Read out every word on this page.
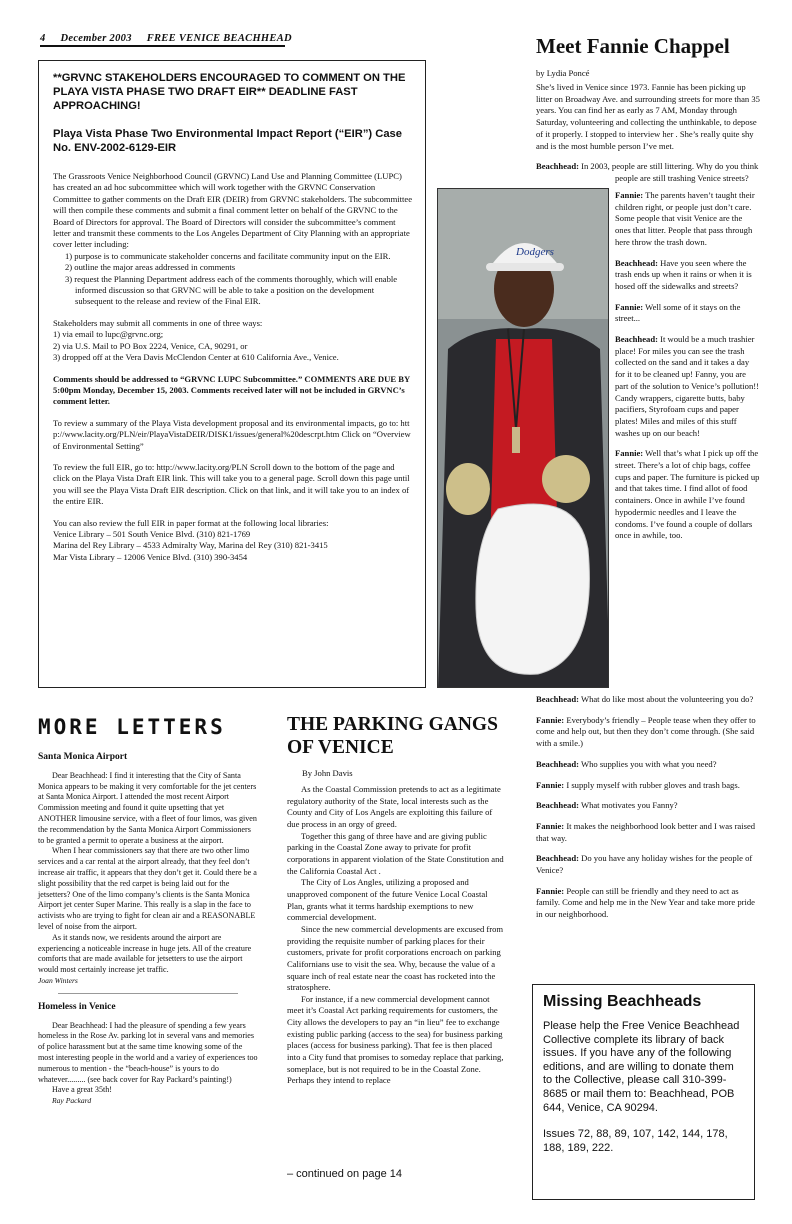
4 December 2003 FREE VENICE BEACHHEAD

**GRVNC STAKEHOLDERS ENCOURAGED TO COMMENT ON THE PLAYA VISTA PHASE TWO DRAFT EIR** DEADLINE FAST APPROACHING!

Playa Vista Phase Two Environmental Impact Report (“EIR”) Case No. ENV-2002-6129-EIR

The Grassroots Venice Neighborhood Council (GRVNC) Land Use and Planning Committee (LUPC) has created an ad hoc subcommittee which will work together with the GRVNC Conservation Committee to gather comments on the Draft EIR (DEIR) from GRVNC stakeholders. The subcommittee will then compile these comments and submit a final comment letter on behalf of the GRVNC to the Board of Directors for approval. The Board of Directors will consider the subcommittee’s comment letter and transmit these comments to the Los Angeles Department of City Planning with an appropriate cover letter including:

1) purpose is to communicate stakeholder concerns and facilitate community input on the EIR.
2) outline the major areas addressed in comments
3) request the Planning Department address each of the comments thoroughly, which will enable informed discussion so that GRVNC will be able to take a position on the development subsequent to the release and review of the Final EIR.
Stakeholders may submit all comments in one of three ways:
1) via email to lupc@grvnc.org;
2) via U.S. Mail to PO Box 2224, Venice, CA, 90291, or
3) dropped off at the Vera Davis McClendon Center at 610 California Ave., Venice.

Comments should be addressed to “GRVNC LUPC Subcommittee.” COMMENTS ARE DUE BY 5:00pm Monday, December 15, 2003. Comments received later will not be included in GRVNC’s comment letter.

To review a summary of the Playa Vista development proposal and its environmental impacts, go to: http://www.lacity.org/PLN/eir/PlayaVistaDEIR/DISK1/issues/general%20descrpt.htm Click on “Overview of Environmental Setting”

To review the full EIR, go to: http://www.lacity.org/PLN Scroll down to the bottom of the page and click on the Playa Vista Draft EIR link. This will take you to a general page. Scroll down this page until you will see the Playa Vista Draft EIR description. Click on that link, and it will take you to an index of the entire EIR.

You can also review the full EIR in paper format at the following local libraries:
Venice Library – 501 South Venice Blvd. (310) 821-1769
Marina del Rey Library – 4533 Admiralty Way, Marina del Rey (310) 821-3415
Mar Vista Library – 12006 Venice Blvd. (310) 390-3454
Meet Fannie Chappel
by Lydia Poncé

She’s lived in Venice since 1973. Fannie has been picking up litter on Broadway Ave. and surrounding streets for more than 35 years. You can find her as early as 7 AM, Monday through Saturday, volunteering and collecting the unthinkable, to depose of it properly. I stopped to interview her . She’s really quite shy and is the most humble person I’ve met.

Beachhead: In 2003, people are still littering. Why do you think people are still trashing Venice streets?

Dodgers

Fannie: The parents haven’t taught their children right, or people just don’t care. Some people that visit Venice are the ones that litter. People that pass through here throw the trash down.

Beachhead: Have you seen where the trash ends up when it rains or when it is hosed off the sidewalks and streets?

Fannie: Well some of it stays on the street...

Beachhead: It would be a much trashier place! For miles you can see the trash collected on the sand and it takes a day for it to be cleaned up! Fanny, you are part of the solution to Venice’s pollution!! Candy wrappers, cigarette butts, baby pacifiers, Styrofoam cups and paper plates! Miles and miles of this stuff washes up on our beach!

Fannie: Well that’s what I pick up off the street. There’s a lot of chip bags, coffee cups and paper. The furniture is picked up and that takes time. I find allot of food containers. Once in awhile I’ve found hypodermic needles and I leave the condoms. I’ve found a couple of dollars once in awhile, too.

Beachhead: What do like most about the volunteering you do?

Fannie: Everybody’s friendly – People tease when they offer to come and help out, but then they don’t come through. (She said with a smile.)

Beachhead: Who supplies you with what you need?

Fannie: I supply myself with rubber gloves and trash bags.

Beachhead: What motivates you Fanny?

Fannie: It makes the neighborhood look better and I was raised that way.

Beachhead: Do you have any holiday wishes for the people of Venice?

Fannie: People can still be friendly and they need to act as family. Come and help me in the New Year and take more pride in our neighborhood.

Missing Beachheads
Please help the Free Venice Beachhead Collective complete its library of back issues. If you have any of the following editions, and are willing to donate them to the Collective, please call 310-399-8685 or mail them to: Beachhead, POB 644, Venice, CA 90294.
Issues 72, 88, 89, 107, 142, 144, 178, 188, 189, 222.
MORE LETTERS
Santa Monica Airport

Dear Beachhead: I find it interesting that the City of Santa Monica appears to be making it very comfortable for the jet centers at Santa Monica Airport. I attended the most recent Airport Commission meeting and found it quite upsetting that yet ANOTHER limousine service, with a fleet of four limos, was given the recommendation by the Santa Monica Airport Commissioners to be granted a permit to operate a business at the airport.

When I hear commissioners say that there are two other limo services and a car rental at the airport already, that they feel don’t increase air traffic, it appears that they don’t get it. Could there be a slight possibility that the red carpet is being laid out for the jetsetters? One of the limo company’s clients is the Santa Monica Airport jet center Super Marine. This really is a slap in the face to activists who are trying to fight for clean air and a REASONABLE level of noise from the airport.

As it stands now, we residents around the airport are experiencing a noticeable increase in huge jets. All of the creature comforts that are made available for jetsetters to use the airport would most certainly increase jet traffic.

Joan Winters

Homeless in Venice

Dear Beachhead: I had the pleasure of spending a few years homeless in the Rose Av. parking lot in several vans and memories of police harassment but at the same time knowing some of the most interesting people in the world and a variey of experiences too numerous to mention - the “beach-house” is yours to do whatever......... (see back cover for Ray Packard’s painting!)

Have a great 35th!

Ray Packard

THE PARKING GANGS OF VENICE
By John Davis

As the Coastal Commission pretends to act as a legitimate regulatory authority of the State, local interests such as the County and City of Los Angels are exploiting this failure of due process in an orgy of greed.

Together this gang of three have and are giving public parking in the Coastal Zone away to private for profit corporations in apparent violation of the State Constitution and the California Coastal Act .

The City of Los Angles, utilizing a proposed and unapproved component of the future Venice Local Coastal Plan, grants what it terms hardship exemptions to new commercial development.

Since the new commercial developments are excused from providing the requisite number of parking places for their customers, private for profit corporations encroach on parking Californians use to visit the sea. Why, because the value of a square inch of real estate near the coast has rocketed into the stratosphere.

For instance, if a new commercial development cannot meet it’s Coastal Act parking requirements for customers, the City allows the developers to pay an “in lieu” fee to exchange existing public parking (access to the sea) for business parking places (access for business parking). That fee is then placed into a City fund that promises to someday replace that parking, someplace, but is not required to be in the Coastal Zone. Perhaps they intend to replace

– continued on page 14
